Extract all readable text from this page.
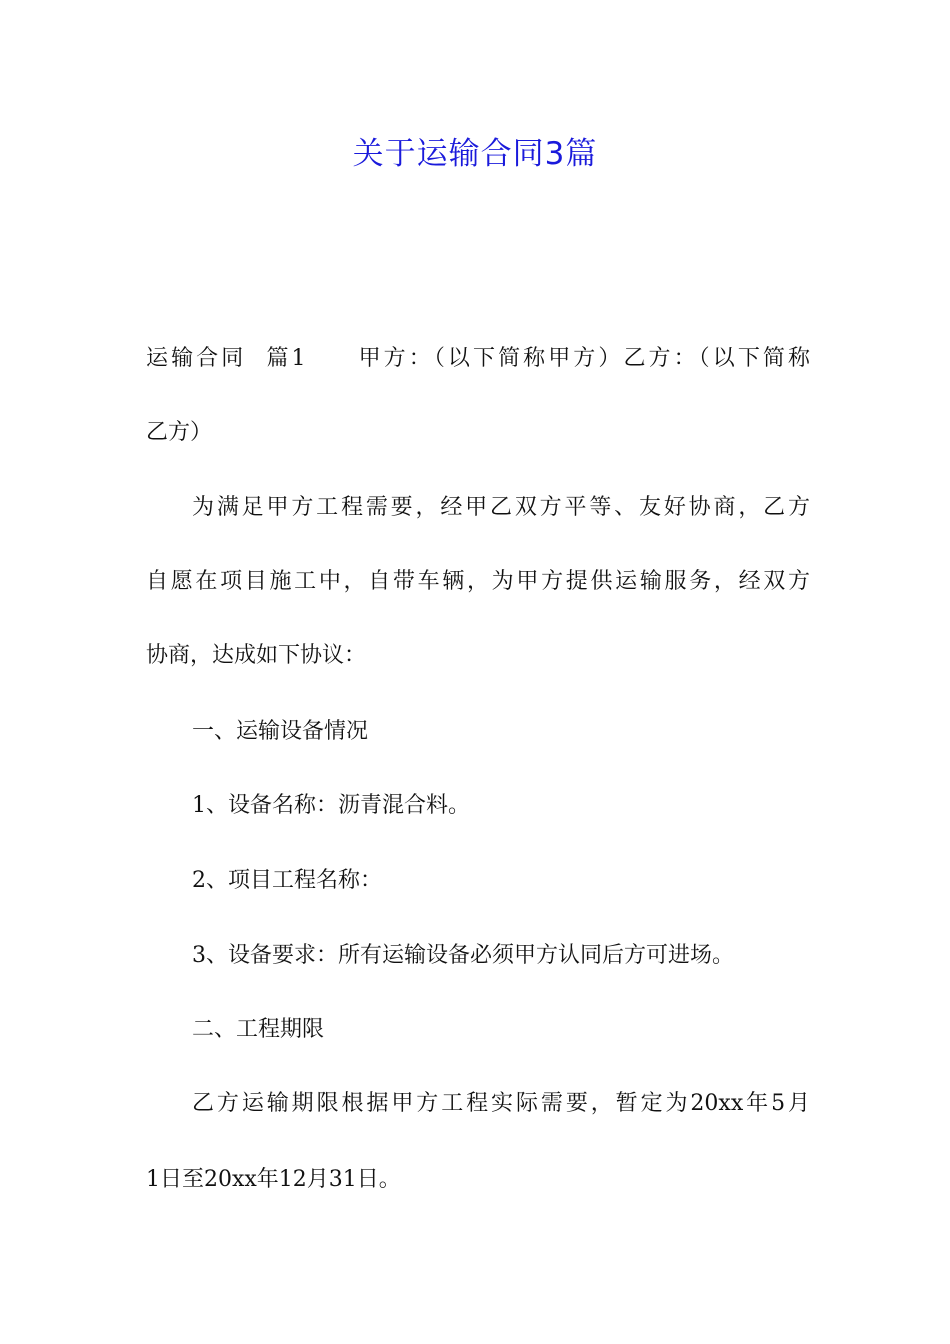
关于运输合同3篇
运输合同  篇1 甲方：（以下简称甲方）乙方：（以下简称
乙方）
为满足甲方工程需要，经甲乙双方平等、友好协商，乙方
自愿在项目施工中，自带车辆，为甲方提供运输服务，经双方
协商，达成如下协议：
一、运输设备情况
1、设备名称：沥青混合料。
2、项目工程名称：
3、设备要求：所有运输设备必须甲方认同后方可进场。
二、工程期限
乙方运输期限根据甲方工程实际需要，暂定为20xx年5月
1日至20xx年12月31日。
